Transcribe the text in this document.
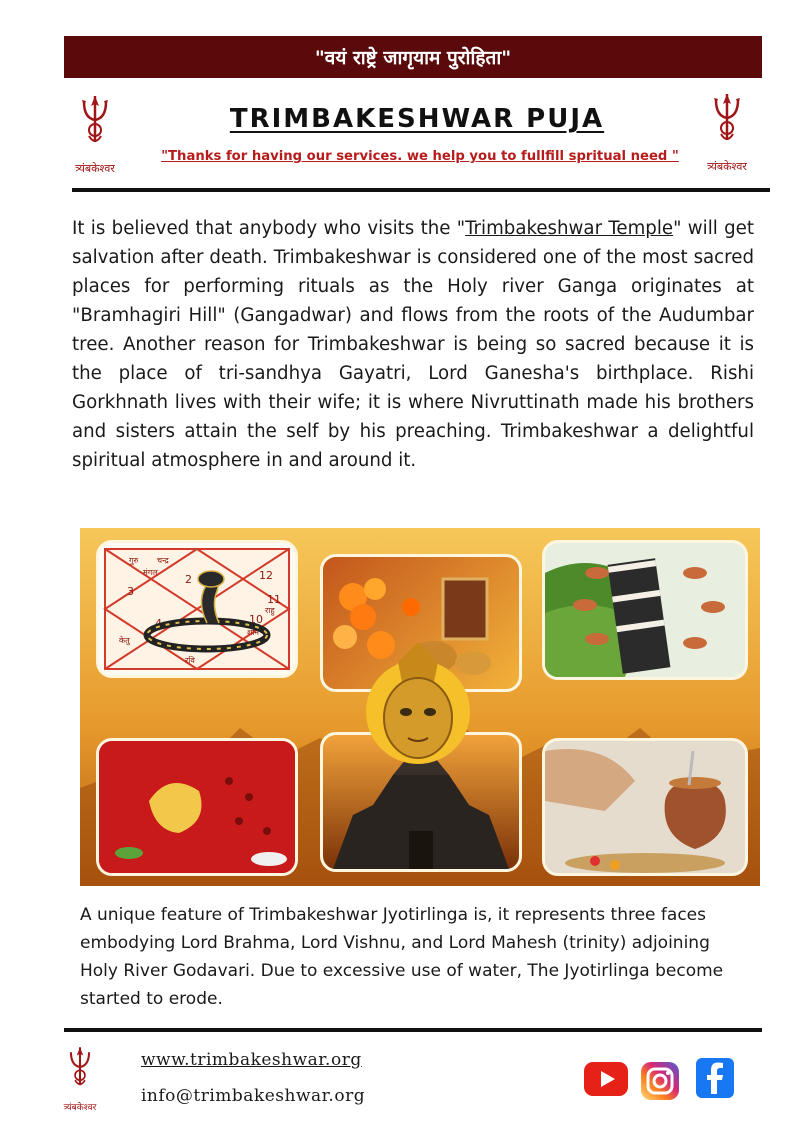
"वयं राष्ट्रे जागृयाम पुरोहिता"
त्र्यंबकेश्वर	त्र्यंबकेश्वर
TRIMBAKESHWAR PUJA
"Thanks for having our services. we help you to fullfill spritual need "

It is believed that anybody who visits the "Trimbakeshwar Temple" will get salvation after death. Trimbakeshwar is considered one of the most sacred places for performing rituals as the Holy river Ganga originates at "Bramhagiri Hill" (Gangadwar) and flows from the roots of the Audumbar tree. Another reason for Trimbakeshwar is being so sacred because it is the place of tri-sandhya Gayatri, Lord Ganesha's birthplace. Rishi Gorkhnath lives with their wife; it is where Nivruttinath made his brothers and sisters attain the self by his preaching. Trimbakeshwar a delightful spiritual atmosphere in and around it.

12
11
10
4
3
2
गुरु चन्द्र
मंगल
राहु
शनि
केतु
रवि

A unique feature of Trimbakeshwar Jyotirlinga is, it represents three faces embodying Lord Brahma, Lord Vishnu, and Lord Mahesh (trinity) adjoining Holy River Godavari. Due to excessive use of water, The Jyotirlinga become started to erode.

त्र्यंबकेश्वर
www.trimbakeshwar.org
info@trimbakeshwar.org
